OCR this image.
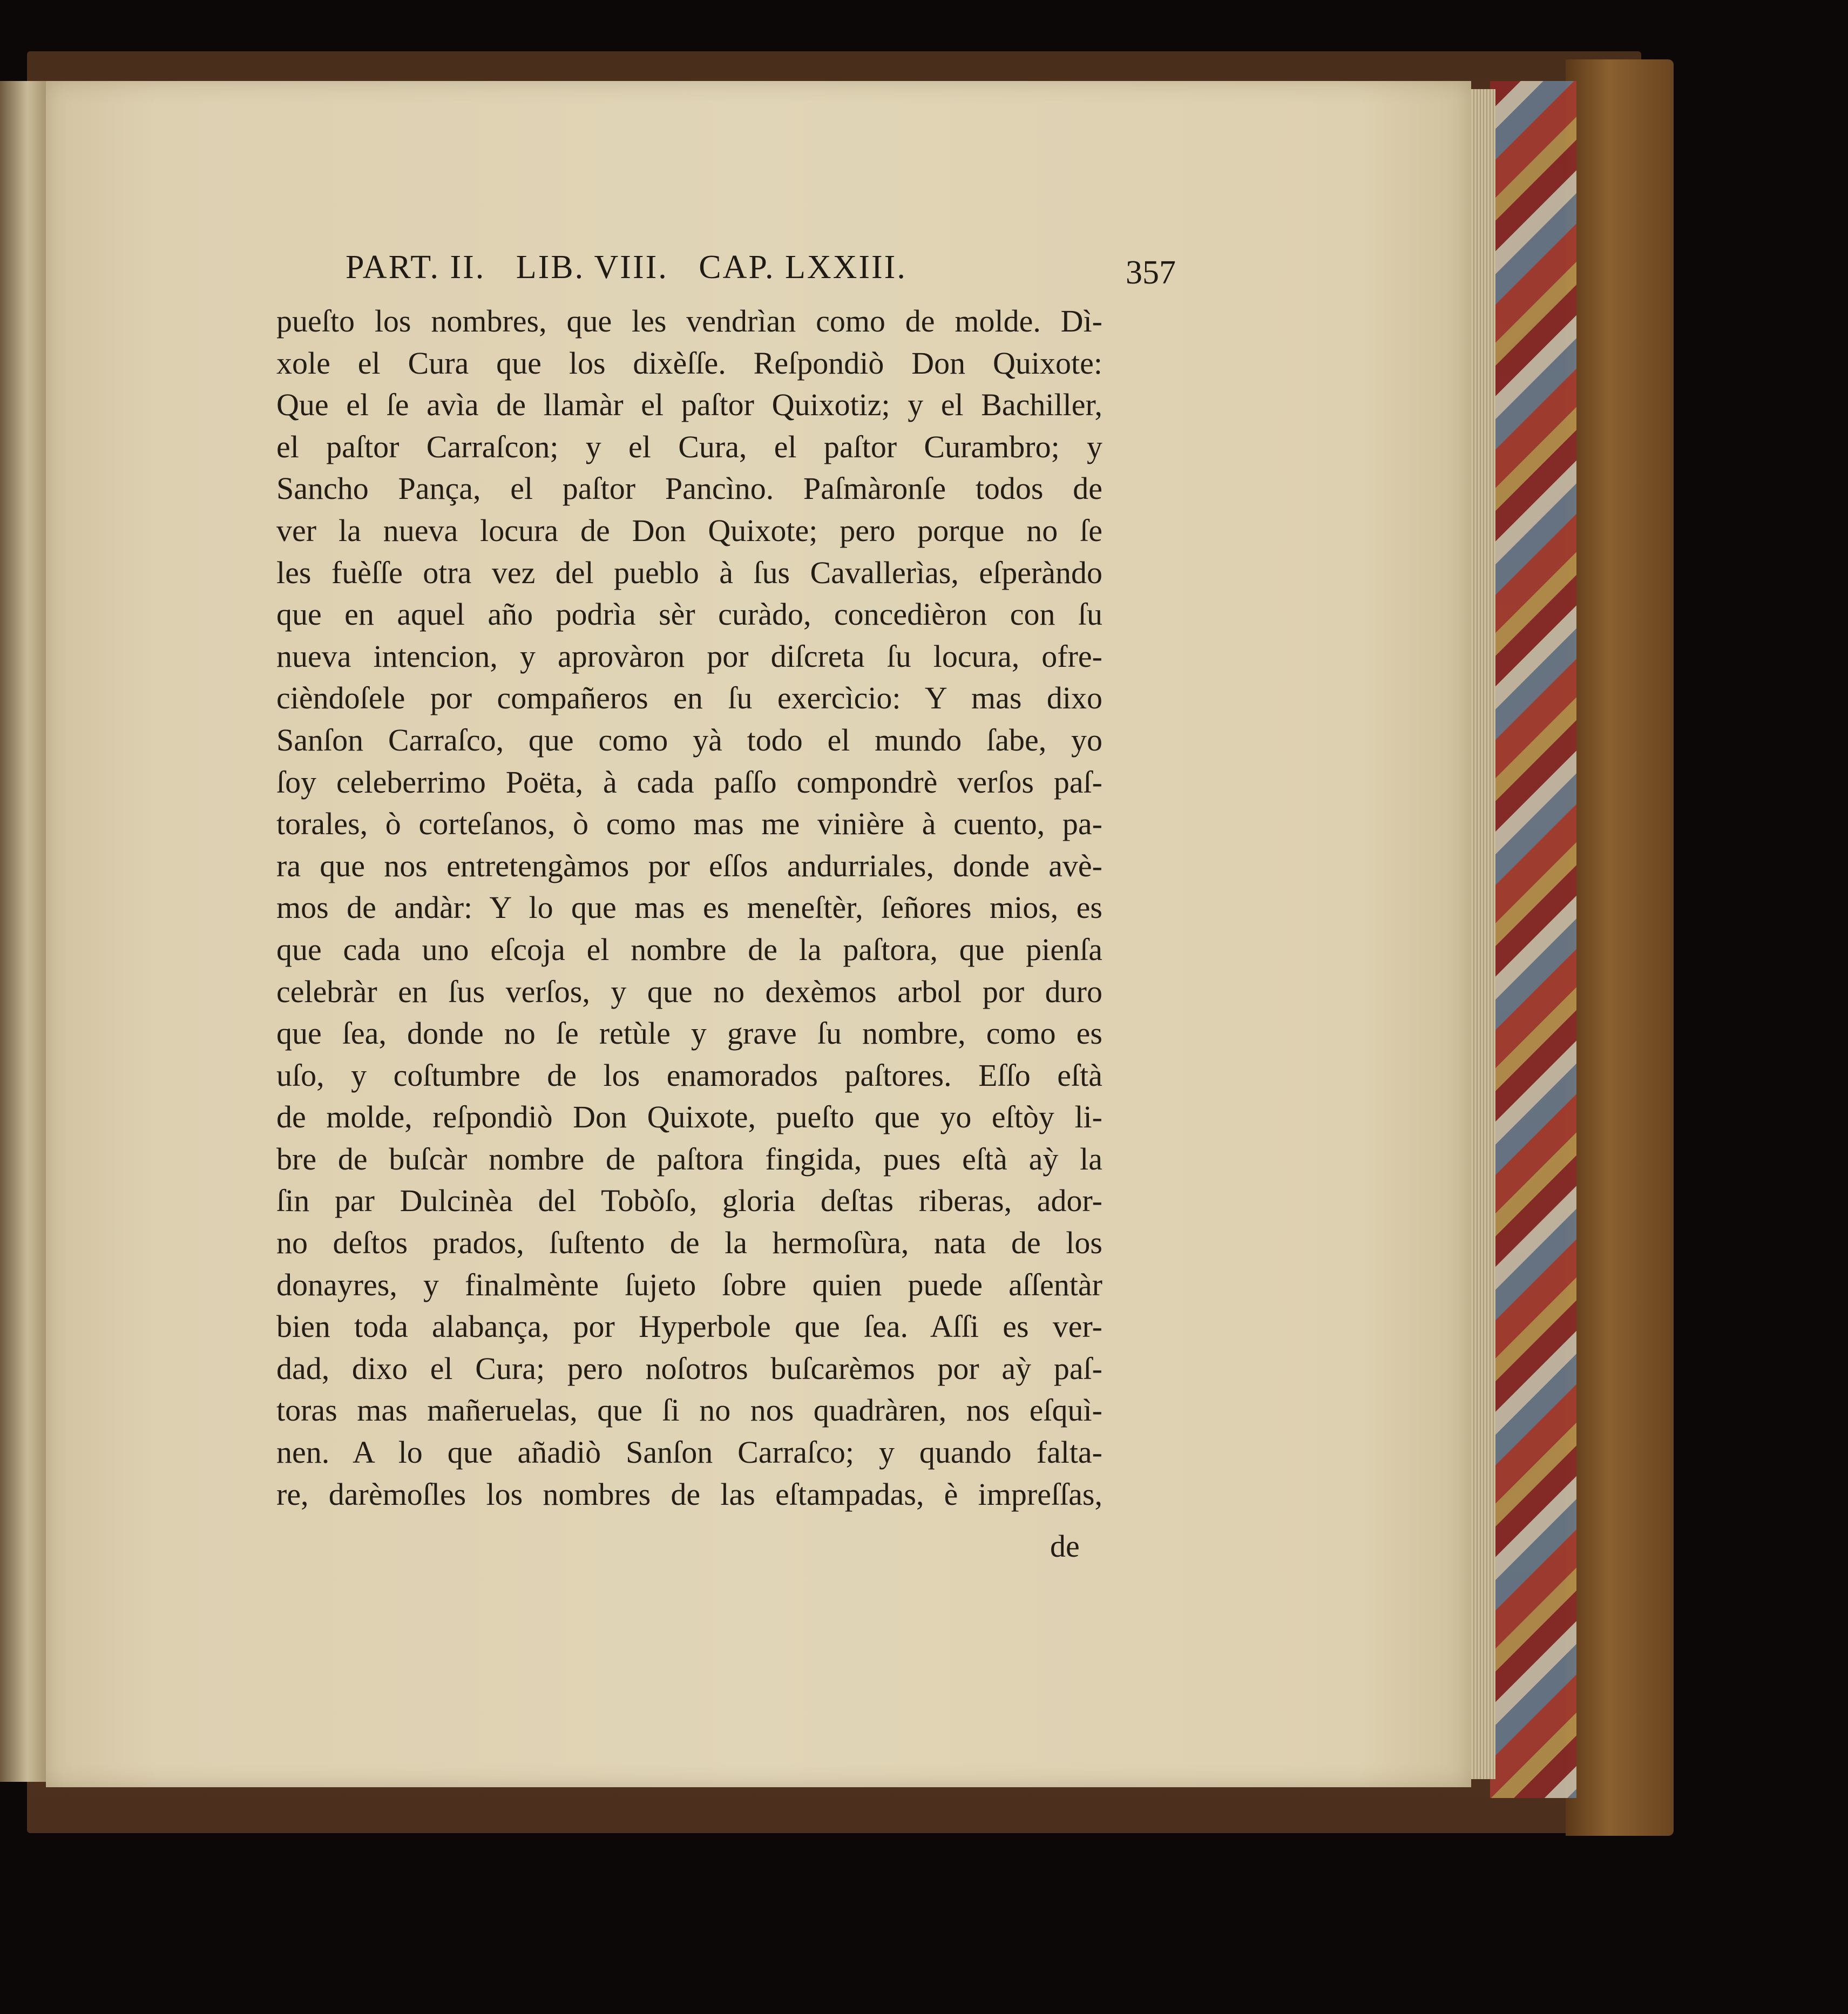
PART. II. LIB. VIII. CAP. LXXIII.	357
pueſto los nombres, que les vendrìan como de molde. Dì-
xole el Cura que los dixèſſe. Reſpondiò Don Quixote:
Que el ſe avìa de llamàr el paſtor Quixotiz; y el Bachiller,
el paſtor Carraſcon; y el Cura, el paſtor Curambro; y
Sancho Pança, el paſtor Pancìno. Paſmàronſe todos de
ver la nueva locura de Don Quixote; pero porque no ſe
les fuèſſe otra vez del pueblo à ſus Cavallerìas, eſperàndo
que en aquel año podrìa sèr curàdo, concedièron con ſu
nueva intencion, y aprovàron por diſcreta ſu locura, ofre-
cièndoſele por compañeros en ſu exercìcio: Y mas dixo
Sanſon Carraſco, que como yà todo el mundo ſabe, yo
ſoy celeberrimo Poëta, à cada paſſo compondrè verſos paſ-
torales, ò corteſanos, ò como mas me vinière à cuento, pa-
ra que nos entretengàmos por eſſos andurriales, donde avè-
mos de andàr: Y lo que mas es meneſtèr, ſeñores mios, es
que cada uno eſcoja el nombre de la paſtora, que pienſa
celebràr en ſus verſos, y que no dexèmos arbol por duro
que ſea, donde no ſe retùle y grave ſu nombre, como es
uſo, y coſtumbre de los enamorados paſtores. Eſſo eſtà
de molde, reſpondiò Don Quixote, pueſto que yo eſtòy li-
bre de buſcàr nombre de paſtora fingida, pues eſtà aỳ la
ſin par Dulcinèa del Tobòſo, gloria deſtas riberas, ador-
no deſtos prados, ſuſtento de la hermoſùra, nata de los
donayres, y finalmènte ſujeto ſobre quien puede aſſentàr
bien toda alabança, por Hyperbole que ſea. Aſſi es ver-
dad, dixo el Cura; pero noſotros buſcarèmos por aỳ paſ-
toras mas mañeruelas, que ſi no nos quadràren, nos eſquì-
nen. A lo que añadiò Sanſon Carraſco; y quando falta-
re, darèmoſles los nombres de las eſtampadas, è impreſſas,
de
